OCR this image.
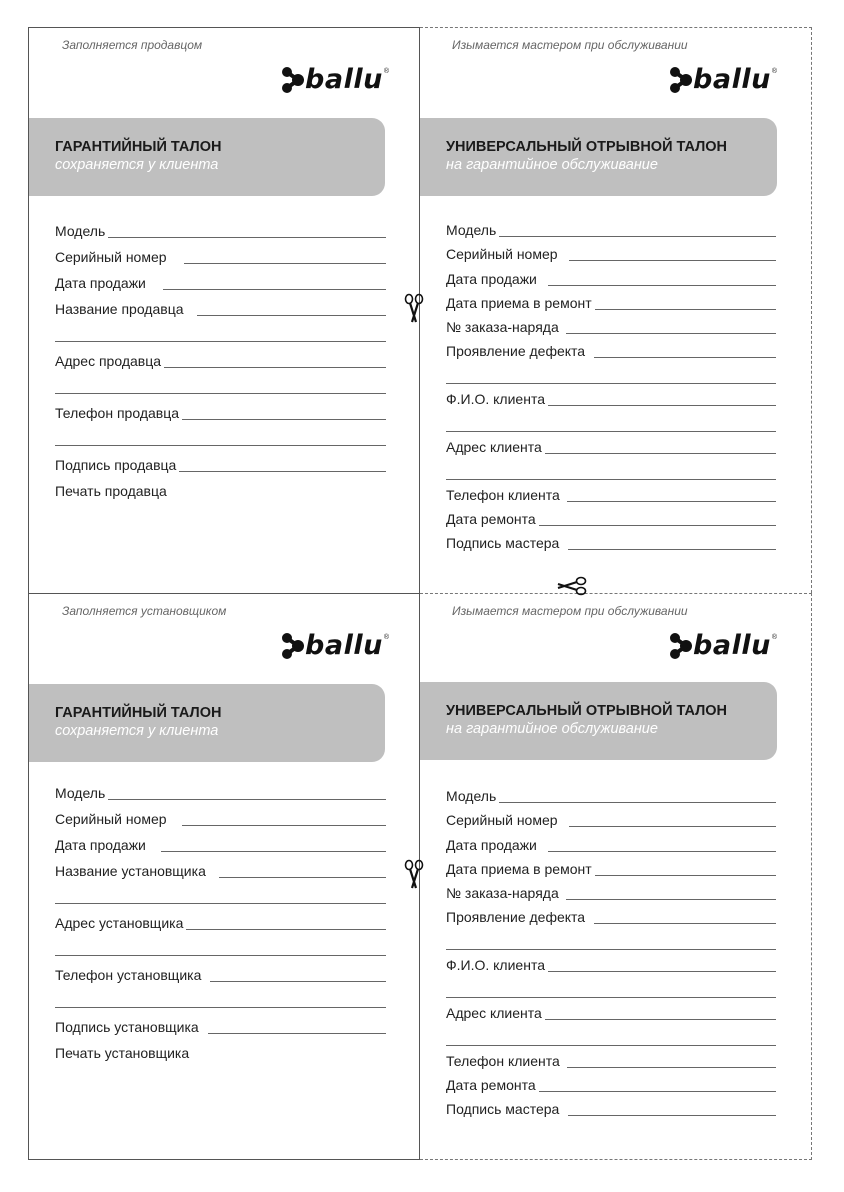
Заполняется продавцом
ballu ®
ГАРАНТИЙНЫЙ ТАЛОН
сохраняется у клиента
Модель
Серийный номер
Дата продажи
Название продавца
Адрес продавца
Телефон продавца
Подпись продавца
Печать продавца
Изымается мастером при обслуживании
ballu ®
УНИВЕРСАЛЬНЫЙ ОТРЫВНОЙ ТАЛОН
на гарантийное обслуживание
Модель
Серийный номер
Дата продажи
Дата приема в ремонт
№ заказа-наряда
Проявление дефекта
Ф.И.О. клиента
Адрес клиента
Телефон клиента
Дата ремонта
Подпись мастера
Заполняется установщиком
ballu ®
ГАРАНТИЙНЫЙ ТАЛОН
сохраняется у клиента
Модель
Серийный номер
Дата продажи
Название установщика
Адрес установщика
Телефон установщика
Подпись установщика
Печать установщика
Изымается мастером при обслуживании
ballu ®
УНИВЕРСАЛЬНЫЙ ОТРЫВНОЙ ТАЛОН
на гарантийное обслуживание
Модель
Серийный номер
Дата продажи
Дата приема в ремонт
№ заказа-наряда
Проявление дефекта
Ф.И.О. клиента
Адрес клиента
Телефон клиента
Дата ремонта
Подпись мастера
